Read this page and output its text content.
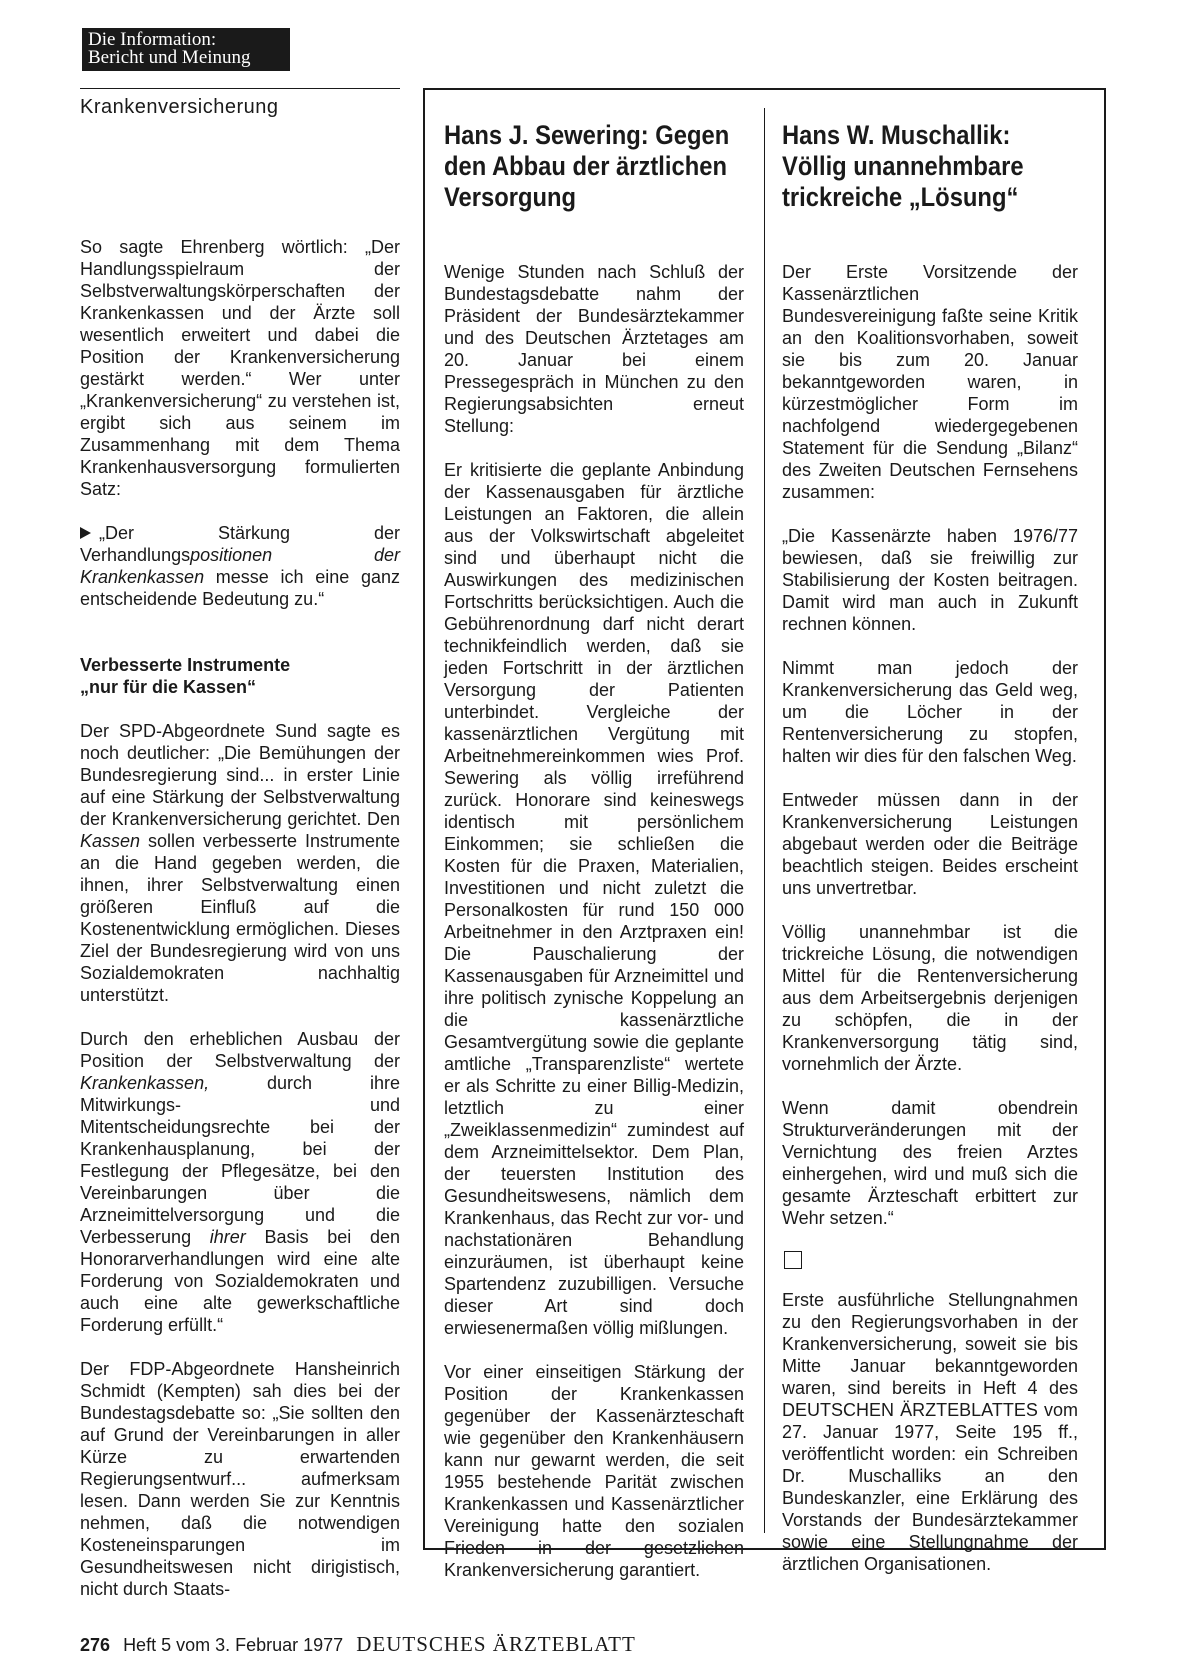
Die Information:
Bericht und Meinung
Krankenversicherung

So sagte Ehrenberg wörtlich: „Der Handlungsspielraum der Selbstverwaltungskörperschaften der Krankenkassen und der Ärzte soll wesentlich erweitert und dabei die Position der Krankenversicherung gestärkt werden.“ Wer unter „Krankenversicherung“ zu verstehen ist, ergibt sich aus seinem im Zusammenhang mit dem Thema Krankenhausversorgung formulierten Satz:

„Der Stärkung der Verhandlungspositionen der Krankenkassen messe ich eine ganz entscheidende Bedeutung zu.“

Verbesserte Instrumente
„nur für die Kassen“

Der SPD-Abgeordnete Sund sagte es noch deutlicher: „Die Bemühungen der Bundesregierung sind... in erster Linie auf eine Stärkung der Selbstverwaltung der Krankenversicherung gerichtet. Den Kassen sollen verbesserte Instrumente an die Hand gegeben werden, die ihnen, ihrer Selbstverwaltung einen größeren Einfluß auf die Kostenentwicklung ermöglichen. Dieses Ziel der Bundesregierung wird von uns Sozialdemokraten nachhaltig unterstützt.

Durch den erheblichen Ausbau der Position der Selbstverwaltung der Krankenkassen, durch ihre Mitwirkungs- und Mitentscheidungsrechte bei der Krankenhausplanung, bei der Festlegung der Pflegesätze, bei den Vereinbarungen über die Arzneimittelversorgung und die Verbesserung ihrer Basis bei den Honorarverhandlungen wird eine alte Forderung von Sozialdemokraten und auch eine alte gewerkschaftliche Forderung erfüllt.“

Der FDP-Abgeordnete Hansheinrich Schmidt (Kempten) sah dies bei der Bundestagsdebatte so: „Sie sollten den auf Grund der Vereinbarungen in aller Kürze zu erwartenden Regierungsentwurf... aufmerksam lesen. Dann werden Sie zur Kenntnis nehmen, daß die notwendigen Kosteneinsparungen im Gesundheitswesen nicht dirigistisch, nicht durch Staats-

Hans J. Sewering: Gegen den Abbau der ärztlichen Versorgung

Wenige Stunden nach Schluß der Bundestagsdebatte nahm der Präsident der Bundesärztekammer und des Deutschen Ärztetages am 20. Januar bei einem Pressegespräch in München zu den Regierungsabsichten erneut Stellung:

Er kritisierte die geplante Anbindung der Kassenausgaben für ärztliche Leistungen an Faktoren, die allein aus der Volkswirtschaft abgeleitet sind und überhaupt nicht die Auswirkungen des medizinischen Fortschritts berücksichtigen. Auch die Gebührenordnung darf nicht derart technikfeindlich werden, daß sie jeden Fortschritt in der ärztlichen Versorgung der Patienten unterbindet. Vergleiche der kassenärztlichen Vergütung mit Arbeitnehmereinkommen wies Prof. Sewering als völlig irreführend zurück. Honorare sind keineswegs identisch mit persönlichem Einkommen; sie schließen die Kosten für die Praxen, Materialien, Investitionen und nicht zuletzt die Personalkosten für rund 150 000 Arbeitnehmer in den Arztpraxen ein! Die Pauschalierung der Kassenausgaben für Arzneimittel und ihre politisch zynische Koppelung an die kassenärztliche Gesamtvergütung sowie die geplante amtliche „Transparenzliste“ wertete er als Schritte zu einer Billig-Medizin, letztlich zu einer „Zweiklassenmedizin“ zumindest auf dem Arzneimittelsektor. Dem Plan, der teuersten Institution des Gesundheitswesens, nämlich dem Krankenhaus, das Recht zur vor- und nachstationären Behandlung einzuräumen, ist überhaupt keine Spartendenz zuzubilligen. Versuche dieser Art sind doch erwiesenermaßen völlig mißlungen.

Vor einer einseitigen Stärkung der Position der Krankenkassen gegenüber der Kassenärzteschaft wie gegenüber den Krankenhäusern kann nur gewarnt werden, die seit 1955 bestehende Parität zwischen Krankenkassen und Kassenärztlicher Vereinigung hatte den sozialen Frieden in der gesetzlichen Krankenversicherung garantiert.

Hans W. Muschallik: Völlig unannehmbare trickreiche „Lösung“

Der Erste Vorsitzende der Kassenärztlichen Bundesvereinigung faßte seine Kritik an den Koalitionsvorhaben, soweit sie bis zum 20. Januar bekanntgeworden waren, in kürzestmöglicher Form im nachfolgend wiedergegebenen Statement für die Sendung „Bilanz“ des Zweiten Deutschen Fernsehens zusammen:

„Die Kassenärzte haben 1976/77 bewiesen, daß sie freiwillig zur Stabilisierung der Kosten beitragen. Damit wird man auch in Zukunft rechnen können.

Nimmt man jedoch der Krankenversicherung das Geld weg, um die Löcher in der Rentenversicherung zu stopfen, halten wir dies für den falschen Weg.

Entweder müssen dann in der Krankenversicherung Leistungen abgebaut werden oder die Beiträge beachtlich steigen. Beides erscheint uns unvertretbar.

Völlig unannehmbar ist die trickreiche Lösung, die notwendigen Mittel für die Rentenversicherung aus dem Arbeitsergebnis derjenigen zu schöpfen, die in der Krankenversorgung tätig sind, vornehmlich der Ärzte.

Wenn damit obendrein Strukturveränderungen mit der Vernichtung des freien Arztes einhergehen, wird und muß sich die gesamte Ärzteschaft erbittert zur Wehr setzen.“

Erste ausführliche Stellungnahmen zu den Regierungsvorhaben in der Krankenversicherung, soweit sie bis Mitte Januar bekanntgeworden waren, sind bereits in Heft 4 des DEUTSCHEN ÄRZTEBLATTES vom 27. Januar 1977, Seite 195 ff., veröffentlicht worden: ein Schreiben Dr. Muschalliks an den Bundeskanzler, eine Erklärung des Vorstands der Bundesärztekammer sowie eine Stellungnahme der ärztlichen Organisationen.

276 Heft 5 vom 3. Februar 1977 DEUTSCHES ÄRZTEBLATT
